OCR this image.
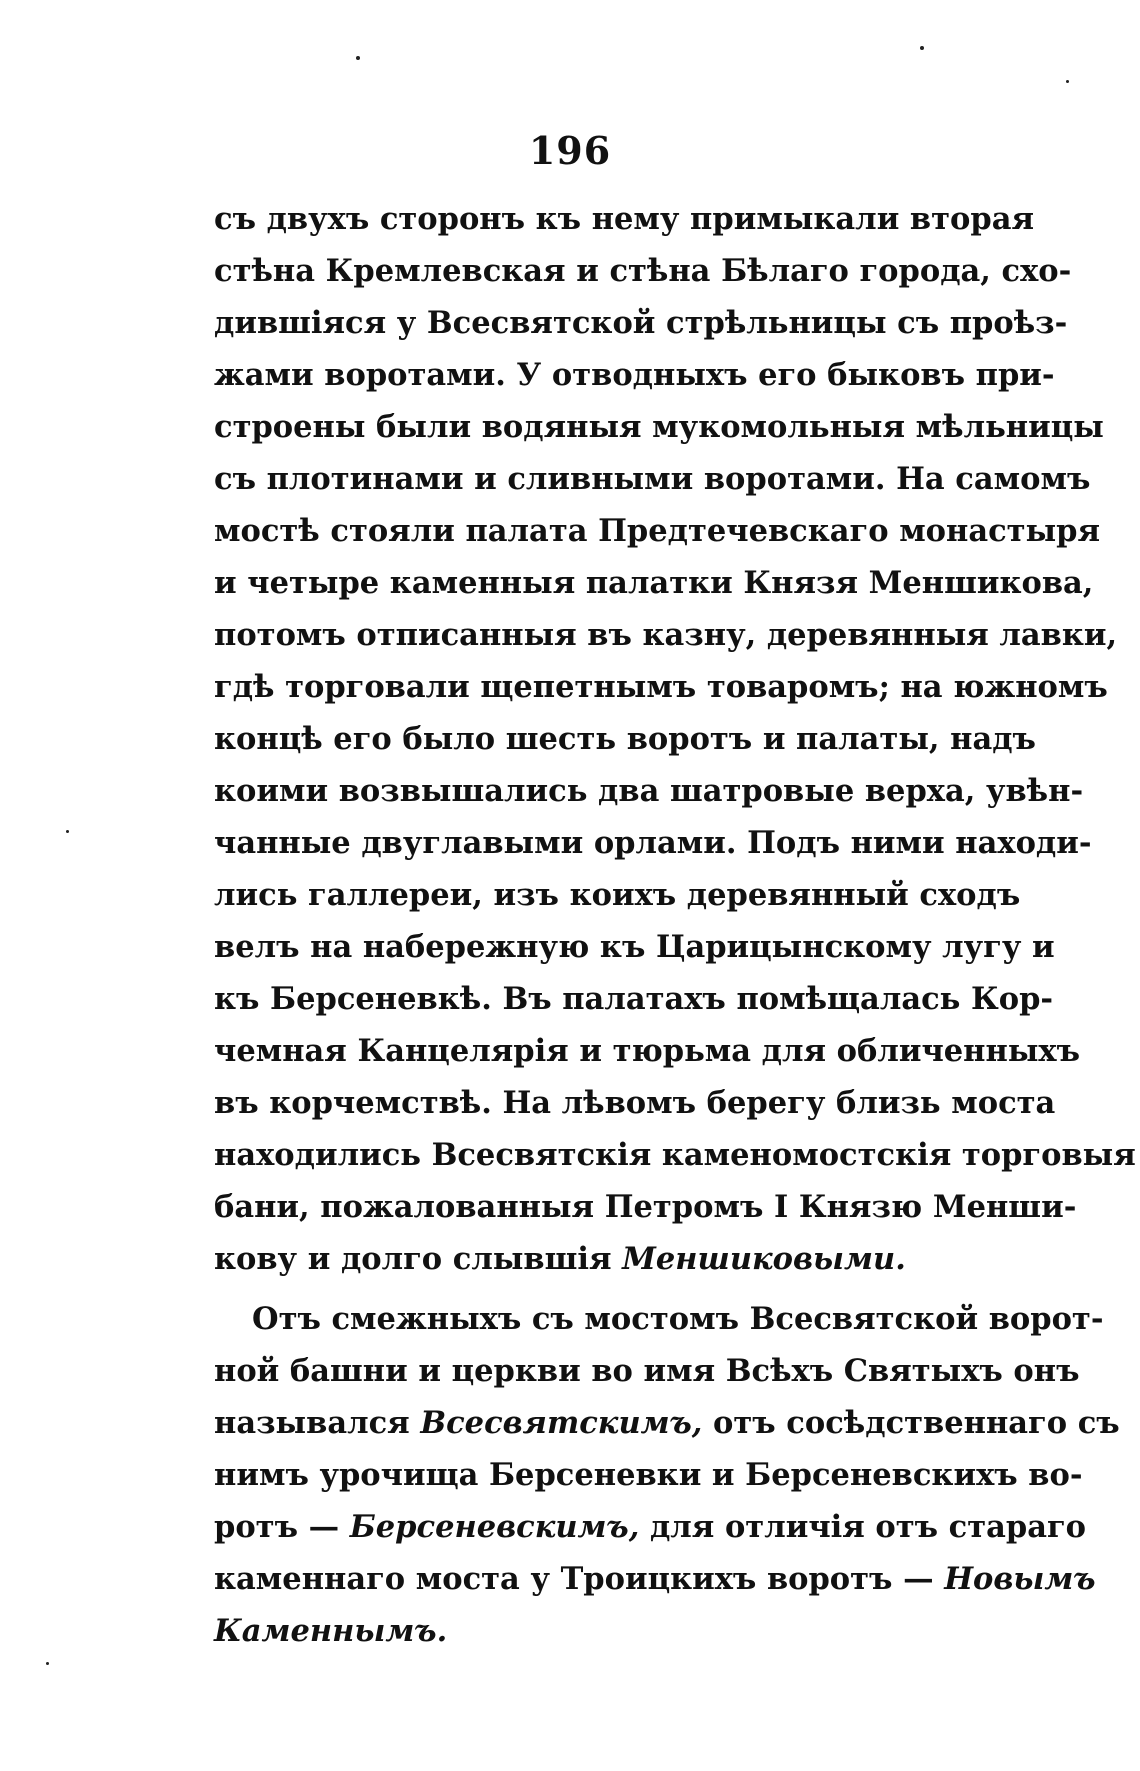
196
съ двухъ сторонъ къ нему примыкали вторая
стѣна Кремлевская и стѣна Бѣлаго города, схо-
дившіяся у Всесвятской стрѣльницы съ проѣз-
жами воротами. У отводныхъ его быковъ при-
строены были водяныя мукомольныя мѣльницы
съ плотинами и сливными воротами. На самомъ
мостѣ стояли палата Предтечевскаго монастыря
и четыре каменныя палатки Князя Меншикова,
потомъ отписанныя въ казну, деревянныя лавки,
гдѣ торговали щепетнымъ товаромъ; на южномъ
концѣ его было шесть воротъ и палаты, надъ
коими возвышались два шатровые верха, увѣн-
чанные двуглавыми орлами. Подъ ними находи-
лись галлереи, изъ коихъ деревянный сходъ
велъ на набережную къ Царицынскому лугу и
къ Берсеневкѣ. Въ палатахъ помѣщалась Кор-
чемная Канцелярія и тюрьма для обличенныхъ
въ корчемствѣ. На лѣвомъ берегу близь моста
находились Всесвятскія каменомостскія торговыя
бани, пожалованныя Петромъ I Князю Менши-
кову и долго слывшія Меншиковыми.
Отъ смежныхъ съ мостомъ Всесвятской ворот-
ной башни и церкви во имя Всѣхъ Святыхъ онъ
назывался Всесвятскимъ, отъ сосѣдственнаго съ
нимъ урочища Берсеневки и Берсеневскихъ во-
ротъ — Берсеневскимъ, для отличія отъ стараго
каменнаго моста у Троицкихъ воротъ — Новымъ
Каменнымъ.
